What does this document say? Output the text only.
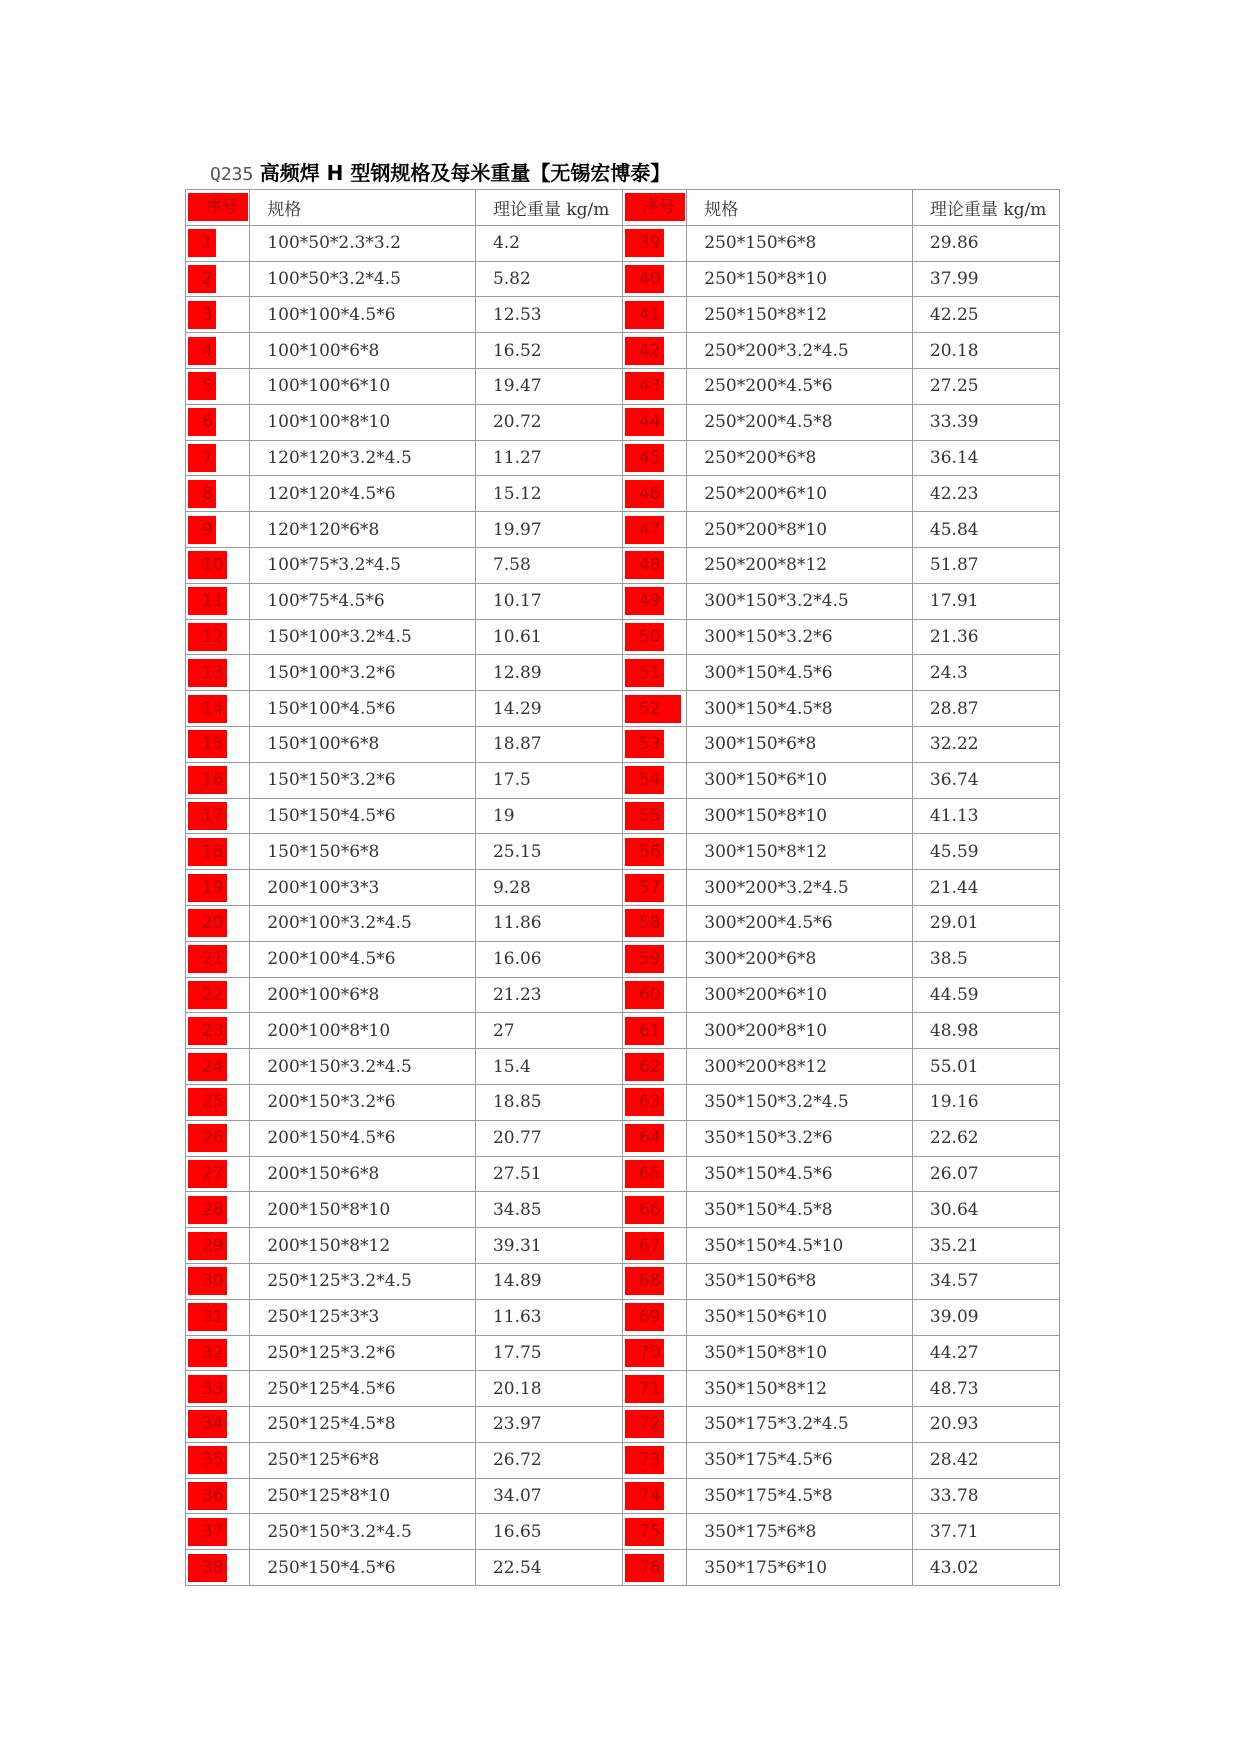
Q235 高频焊 H 型钢规格及每米重量【无锡宏博泰】
序号	规格	理论重量 kg/m	序号	规格	理论重量 kg/m
1	100*50*2.3*3.2	4.2	39	250*150*6*8	29.86
2	100*50*3.2*4.5	5.82	40	250*150*8*10	37.99
3	100*100*4.5*6	12.53	41	250*150*8*12	42.25
4	100*100*6*8	16.52	42	250*200*3.2*4.5	20.18
5	100*100*6*10	19.47	43	250*200*4.5*6	27.25
6	100*100*8*10	20.72	44	250*200*4.5*8	33.39
7	120*120*3.2*4.5	11.27	45	250*200*6*8	36.14
8	120*120*4.5*6	15.12	46	250*200*6*10	42.23
9	120*120*6*8	19.97	47	250*200*8*10	45.84
10	100*75*3.2*4.5	7.58	48	250*200*8*12	51.87
11	100*75*4.5*6	10.17	49	300*150*3.2*4.5	17.91
12	150*100*3.2*4.5	10.61	50	300*150*3.2*6	21.36
13	150*100*3.2*6	12.89	51	300*150*4.5*6	24.3
14	150*100*4.5*6	14.29	52	300*150*4.5*8	28.87
15	150*100*6*8	18.87	53	300*150*6*8	32.22
16	150*150*3.2*6	17.5	54	300*150*6*10	36.74
17	150*150*4.5*6	19	55	300*150*8*10	41.13
18	150*150*6*8	25.15	56	300*150*8*12	45.59
19	200*100*3*3	9.28	57	300*200*3.2*4.5	21.44
20	200*100*3.2*4.5	11.86	58	300*200*4.5*6	29.01
21	200*100*4.5*6	16.06	59	300*200*6*8	38.5
22	200*100*6*8	21.23	60	300*200*6*10	44.59
23	200*100*8*10	27	61	300*200*8*10	48.98
24	200*150*3.2*4.5	15.4	62	300*200*8*12	55.01
25	200*150*3.2*6	18.85	63	350*150*3.2*4.5	19.16
26	200*150*4.5*6	20.77	64	350*150*3.2*6	22.62
27	200*150*6*8	27.51	65	350*150*4.5*6	26.07
28	200*150*8*10	34.85	66	350*150*4.5*8	30.64
29	200*150*8*12	39.31	67	350*150*4.5*10	35.21
30	250*125*3.2*4.5	14.89	68	350*150*6*8	34.57
31	250*125*3*3	11.63	69	350*150*6*10	39.09
32	250*125*3.2*6	17.75	70	350*150*8*10	44.27
33	250*125*4.5*6	20.18	71	350*150*8*12	48.73
34	250*125*4.5*8	23.97	72	350*175*3.2*4.5	20.93
35	250*125*6*8	26.72	73	350*175*4.5*6	28.42
36	250*125*8*10	34.07	74	350*175*4.5*8	33.78
37	250*150*3.2*4.5	16.65	75	350*175*6*8	37.71
38	250*150*4.5*6	22.54	76	350*175*6*10	43.02
